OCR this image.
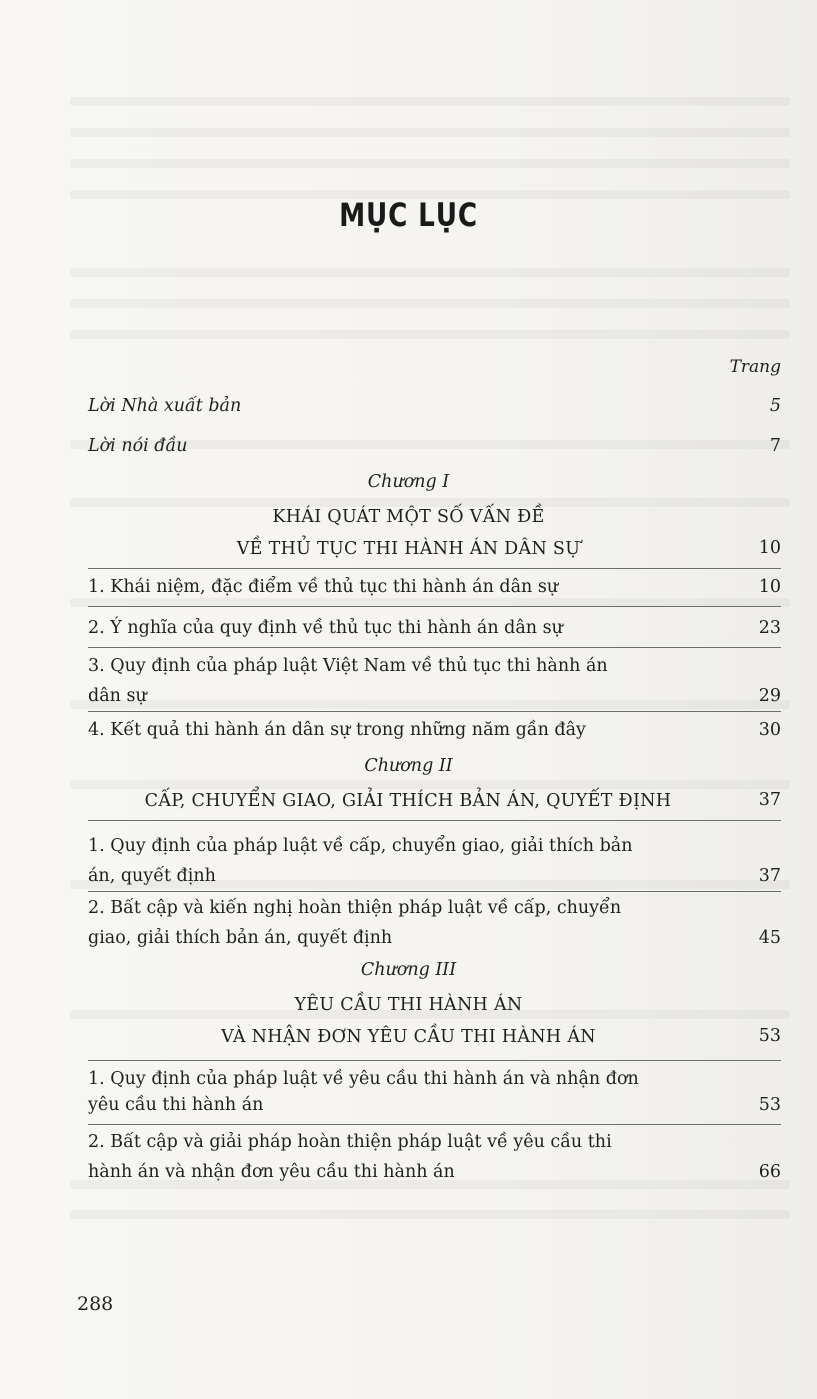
MỤC LỤC
Trang
Lời Nhà xuất bản	5
Lời nói đầu	7
Chương I
KHÁI QUÁT MỘT SỐ VẤN ĐỀ
VỀ THỦ TỤC THI HÀNH ÁN DÂN SỰ	10
1. Khái niệm, đặc điểm về thủ tục thi hành án dân sự	10
2. Ý nghĩa của quy định về thủ tục thi hành án dân sự	23
3. Quy định của pháp luật Việt Nam về thủ tục thi hành án
dân sự	29
4. Kết quả thi hành án dân sự trong những năm gần đây	30
Chương II
CẤP, CHUYỂN GIAO, GIẢI THÍCH BẢN ÁN, QUYẾT ĐỊNH	37
1. Quy định của pháp luật về cấp, chuyển giao, giải thích bản
án, quyết định	37
2. Bất cập và kiến nghị hoàn thiện pháp luật về cấp, chuyển
giao, giải thích bản án, quyết định	45
Chương III
YÊU CẦU THI HÀNH ÁN
VÀ NHẬN ĐƠN YÊU CẦU THI HÀNH ÁN	53
1. Quy định của pháp luật về yêu cầu thi hành án và nhận đơn
yêu cầu thi hành án	53
2. Bất cập và giải pháp hoàn thiện pháp luật về yêu cầu thi
hành án và nhận đơn yêu cầu thi hành án	66
288
